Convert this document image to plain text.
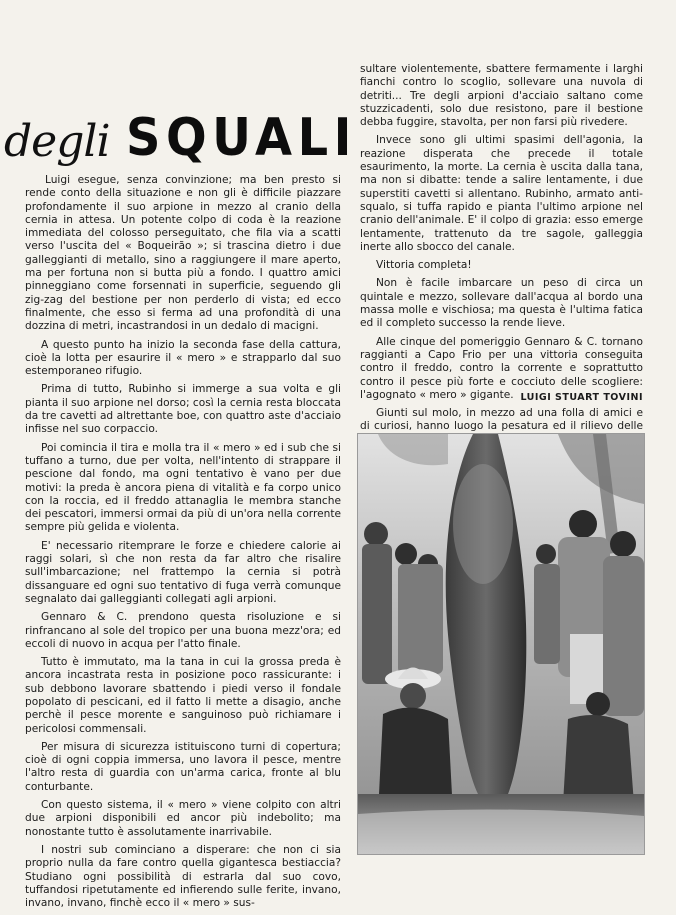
degli SQUALI

Luigi esegue, senza convinzione; ma ben presto si rende conto della situazione e non gli è difficile piazzare profondamente il suo arpione in mezzo al cranio della cernia in attesa. Un potente colpo di coda è la reazione immediata del colosso perseguitato, che fila via a scatti verso l'uscita del « Boqueirão »; si trascina dietro i due galleggianti di metallo, sino a raggiungere il mare aperto, ma per fortuna non si butta più a fondo. I quattro amici pinneggiano come forsennati in superficie, seguendo gli zig-zag del bestione per non perderlo di vista; ed ecco finalmente, che esso si ferma ad una profondità di una dozzina di metri, incastrandosi in un dedalo di macigni.

A questo punto ha inizio la seconda fase della cattura, cioè la lotta per esaurire il « mero » e strapparlo dal suo estemporaneo rifugio.

Prima di tutto, Rubinho si immerge a sua volta e gli pianta il suo arpione nel dorso; così la cernia resta bloccata da tre cavetti ad altrettante boe, con quattro aste d'acciaio infisse nel suo corpaccio.

Poi comincia il tira e molla tra il « mero » ed i sub che si tuffano a turno, due per volta, nell'intento di strappare il pescione dal fondo, ma ogni tentativo è vano per due motivi: la preda è ancora piena di vitalità e fa corpo unico con la roccia, ed il freddo attanaglia le membra stanche dei pescatori, immersi ormai da più di un'ora nella corrente sempre più gelida e violenta.

E' necessario ritemprare le forze e chiedere calorie ai raggi solari, sì che non resta da far altro che risalire sull'imbarcazione; nel frattempo la cernia si potrà dissanguare ed ogni suo tentativo di fuga verrà comunque segnalato dai galleggianti collegati agli arpioni.

Gennaro & C. prendono questa risoluzione e si rinfrancano al sole del tropico per una buona mezz'ora; ed eccoli di nuovo in acqua per l'atto finale.

Tutto è immutato, ma la tana in cui la grossa preda è ancora incastrata resta in posizione poco rassicurante: i sub debbono lavorare sbattendo i piedi verso il fondale popolato di pescicani, ed il fatto li mette a disagio, anche perchè il pesce morente e sanguinoso può richiamare i pericolosi commensali.

Per misura di sicurezza istituiscono turni di copertura; cioè di ogni coppia immersa, uno lavora il pesce, mentre l'altro resta di guardia con un'arma carica, fronte al blu conturbante.

Con questo sistema, il « mero » viene colpito con altri due arpioni disponibili ed ancor più indebolito; ma nonostante tutto è assolutamente inarrivabile.

I nostri sub cominciano a disperare: che non ci sia proprio nulla da fare contro quella gigantesca bestiaccia? Studiano ogni possibilità di estrarla dal suo covo, tuffandosi ripetutamente ed infierendo sulle ferite, invano, invano, invano, finchè ecco il « mero » sus-

sultare violentemente, sbattere fermamente i larghi fianchi contro lo scoglio, sollevare una nuvola di detriti... Tre degli arpioni d'acciaio saltano come stuzzicadenti, solo due resistono, pare il bestione debba fuggire, stavolta, per non farsi più rivedere.

Invece sono gli ultimi spasimi dell'agonia, la reazione disperata che precede il totale esaurimento, la morte. La cernia è uscita dalla tana, ma non si dibatte: tende a salire lentamente, i due superstiti cavetti si allentano. Rubinho, armato anti-squalo, si tuffa rapido e pianta l'ultimo arpione nel cranio dell'animale. E' il colpo di grazia: esso emerge lentamente, trattenuto da tre sagole, galleggia inerte allo sbocco del canale.

Vittoria completa!

Non è facile imbarcare un peso di circa un quintale e mezzo, sollevare dall'acqua al bordo una massa molle e vischiosa; ma questa è l'ultima fatica ed il completo successo la rende lieve.

Alle cinque del pomeriggio Gennaro & C. tornano raggianti a Capo Frio per una vittoria conseguita contro il freddo, contro la corrente e soprattutto contro il pesce più forte e cocciuto delle scogliere: l'agognato « mero » gigante.

Giunti sul molo, in mezzo ad una folla di amici e di curiosi, hanno luogo la pesatura ed il rilievo delle

LUIGI STUART TOVINI
